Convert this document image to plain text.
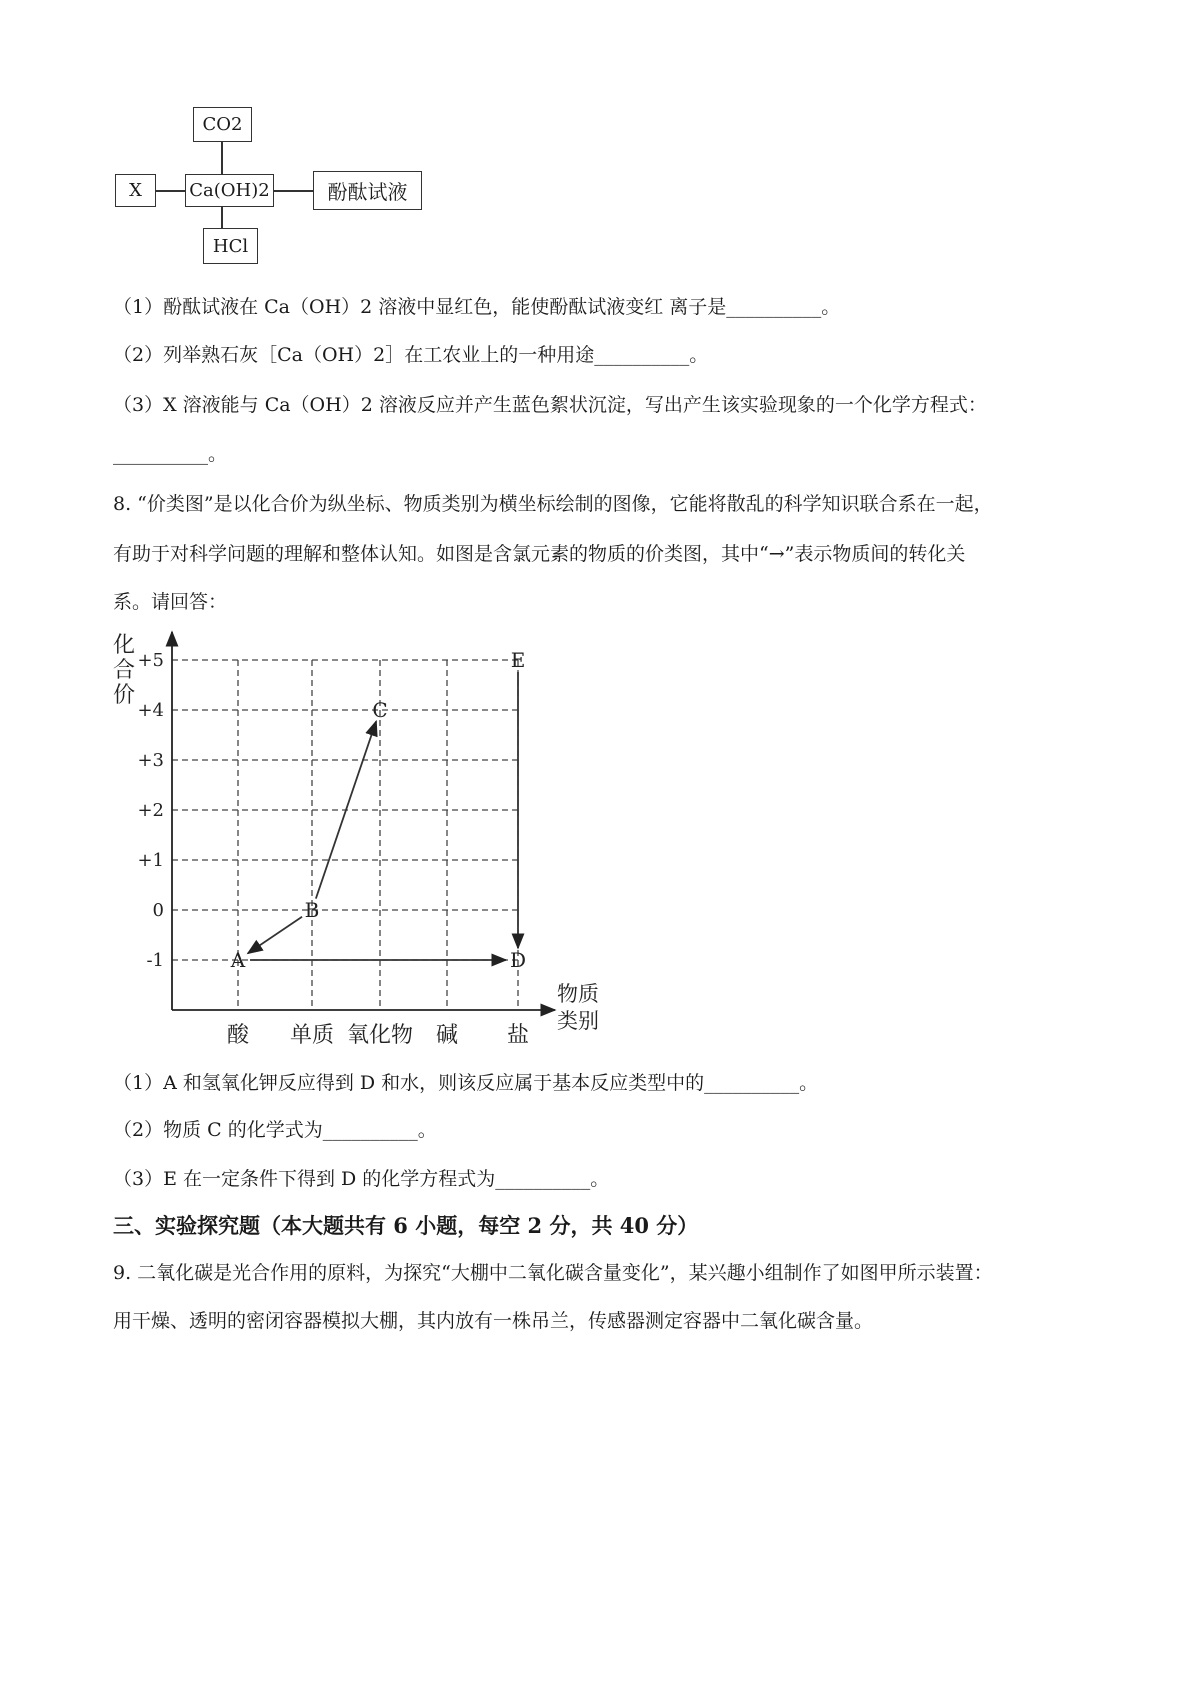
CO2
X	Ca(OH)2	酚酞试液
HCl
（1）酚酞试液在 Ca（OH）2 溶液中显红色，能使酚酞试液变红 离子是__________。
（2）列举熟石灰［Ca（OH）2］在工农业上的一种用途__________。
（3）X 溶液能与 Ca（OH）2 溶液反应并产生蓝色絮状沉淀，写出产生该实验现象的一个化学方程式：
__________。
8. “价类图”是以化合价为纵坐标、物质类别为横坐标绘制的图像，它能将散乱的科学知识联合系在一起，
有助于对科学问题的理解和整体认知。如图是含氯元素的物质的价类图，其中“→”表示物质间的转化关
系。请回答：
+5
+4
+3
+2
+1
0
-1
化
合
价
酸 单质 氧化物 碱 盐
物质
类别
A
B
C
D
E
（1）A 和氢氧化钾反应得到 D 和水，则该反应属于基本反应类型中的__________。
（2）物质 C 的化学式为__________。
（3）E 在一定条件下得到 D 的化学方程式为__________。
三、实验探究题（本大题共有 6 小题，每空 2 分，共 40 分）
9. 二氧化碳是光合作用的原料，为探究“大棚中二氧化碳含量变化”，某兴趣小组制作了如图甲所示装置：
用干燥、透明的密闭容器模拟大棚，其内放有一株吊兰，传感器测定容器中二氧化碳含量。
